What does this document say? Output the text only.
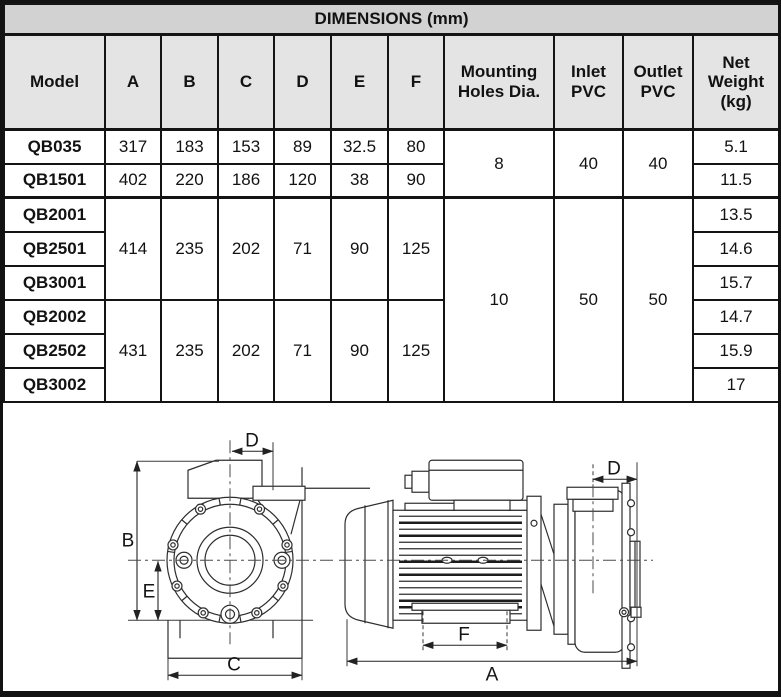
DIMENSIONS (mm)										
Model	A	B	C	D	E	F	Mounting Holes Dia.	Inlet PVC	Outlet PVC	Net Weight (kg)
QB035	317	183	153	89	32.5	80	8	40	40	5.1
QB1501	402	220	186	120	38	90				11.5
QB2001	414	235	202	71	90	125	10	50	50	13.5
QB2501										14.6
QB3001										15.7
QB2002	431	235	202	71	90	125				14.7
QB2502										15.9
QB3002										17
D
B
E
C
D
F
A
